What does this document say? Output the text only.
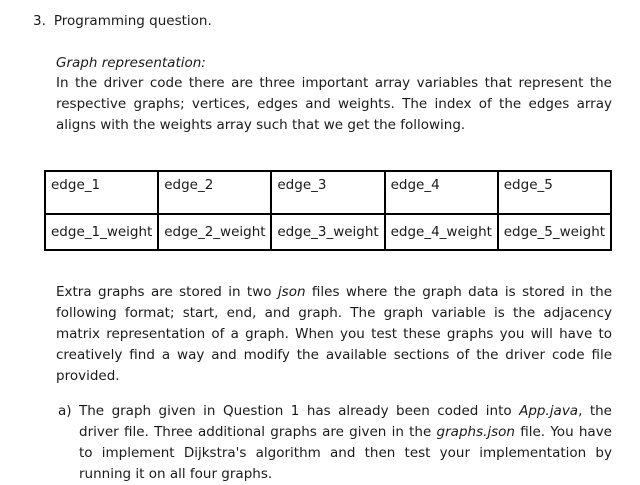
3. Programming question.
Graph representation:
In the driver code there are three important array variables that represent the respective graphs; vertices, edges and weights. The index of the edges array aligns with the weights array such that we get the following.
edge_1	edge_2	edge_3	edge_4	edge_5
edge_1_weight	edge_2_weight	edge_3_weight	edge_4_weight	edge_5_weight
Extra graphs are stored in two json files where the graph data is stored in the following format; start, end, and graph. The graph variable is the adjacency matrix representation of a graph. When you test these graphs you will have to creatively find a way and modify the available sections of the driver code file provided.
a) The graph given in Question 1 has already been coded into App.java, the driver file. Three additional graphs are given in the graphs.json file. You have to implement Dijkstra's algorithm and then test your implementation by running it on all four graphs.
